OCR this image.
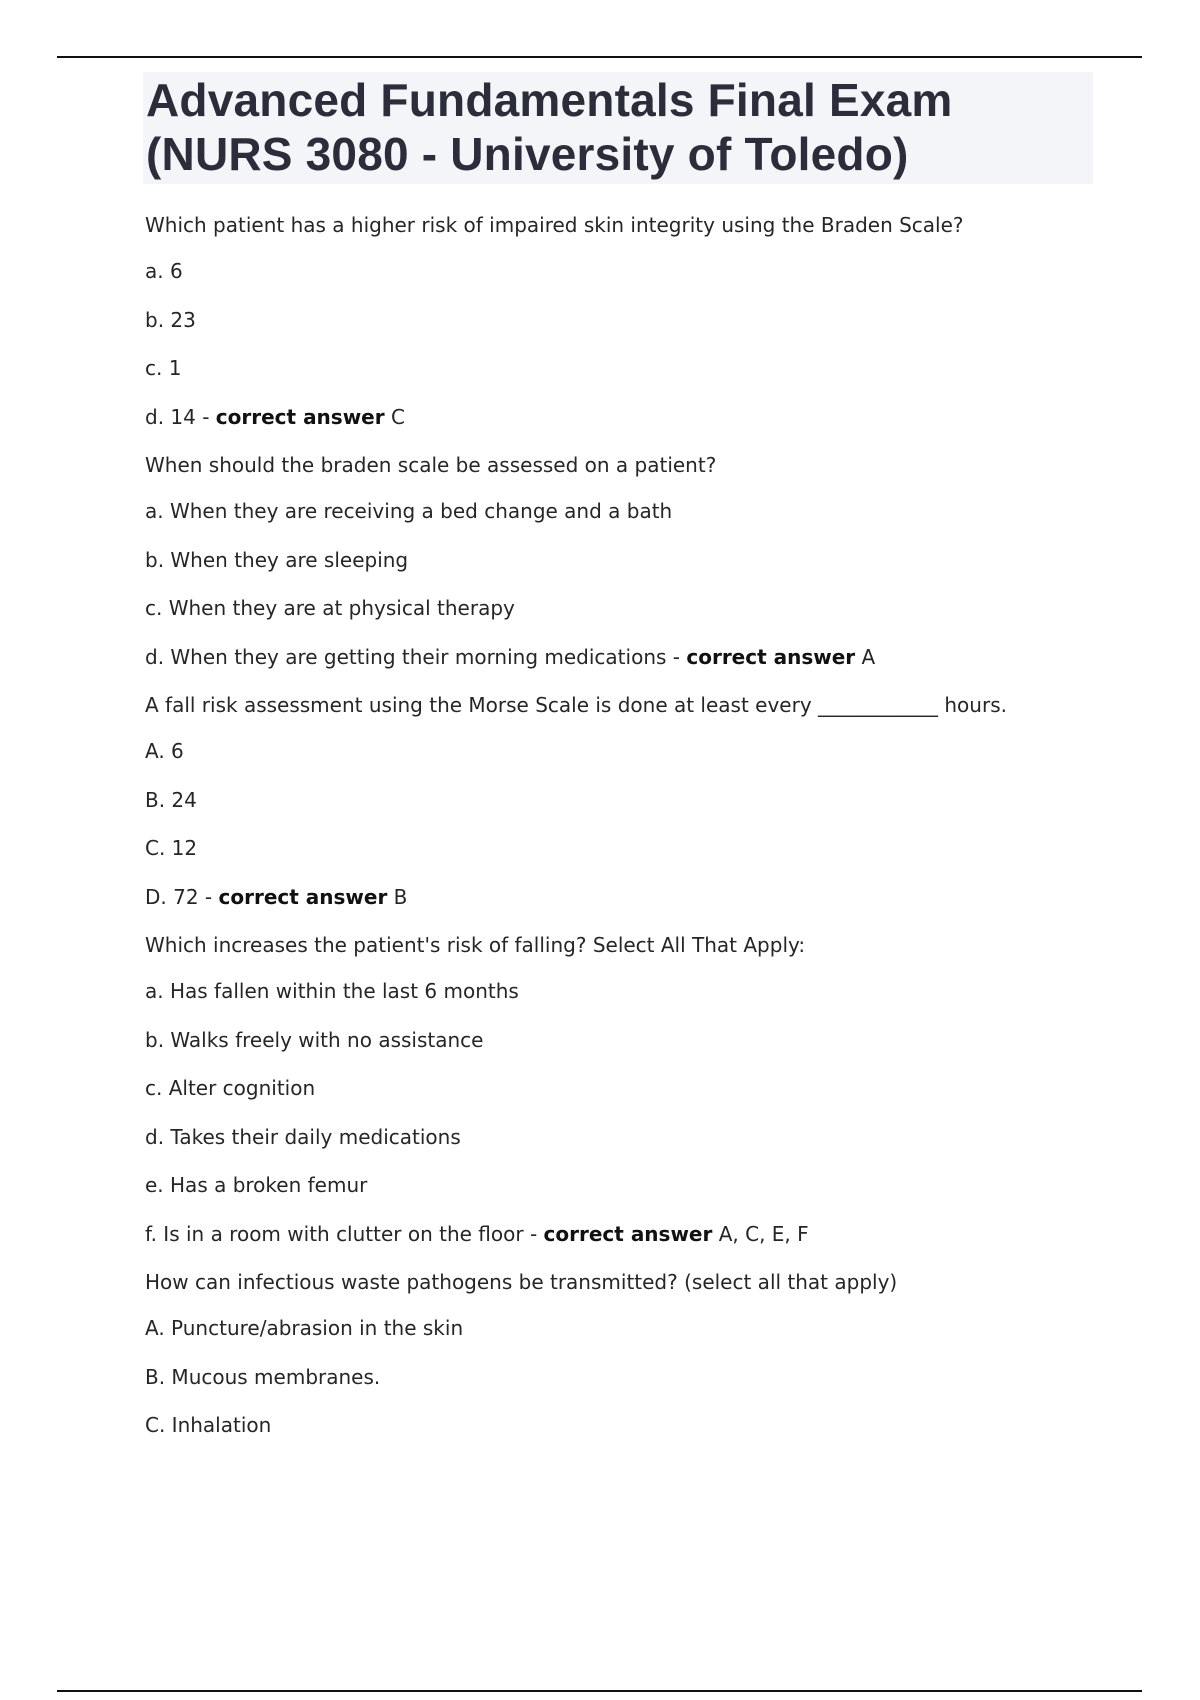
Advanced Fundamentals Final Exam
(NURS 3080 - University of Toledo)
Which patient has a higher risk of impaired skin integrity using the Braden Scale?
a. 6
b. 23
c. 1
d. 14 - correct answer C
When should the braden scale be assessed on a patient?
a. When they are receiving a bed change and a bath
b. When they are sleeping
c. When they are at physical therapy
d. When they are getting their morning medications - correct answer A
A fall risk assessment using the Morse Scale is done at least every ____________ hours.
A. 6
B. 24
C. 12
D. 72 - correct answer B
Which increases the patient's risk of falling? Select All That Apply:
a. Has fallen within the last 6 months
b. Walks freely with no assistance
c. Alter cognition
d. Takes their daily medications
e. Has a broken femur
f. Is in a room with clutter on the floor - correct answer A, C, E, F
How can infectious waste pathogens be transmitted? (select all that apply)
A. Puncture/abrasion in the skin
B. Mucous membranes.
C. Inhalation
